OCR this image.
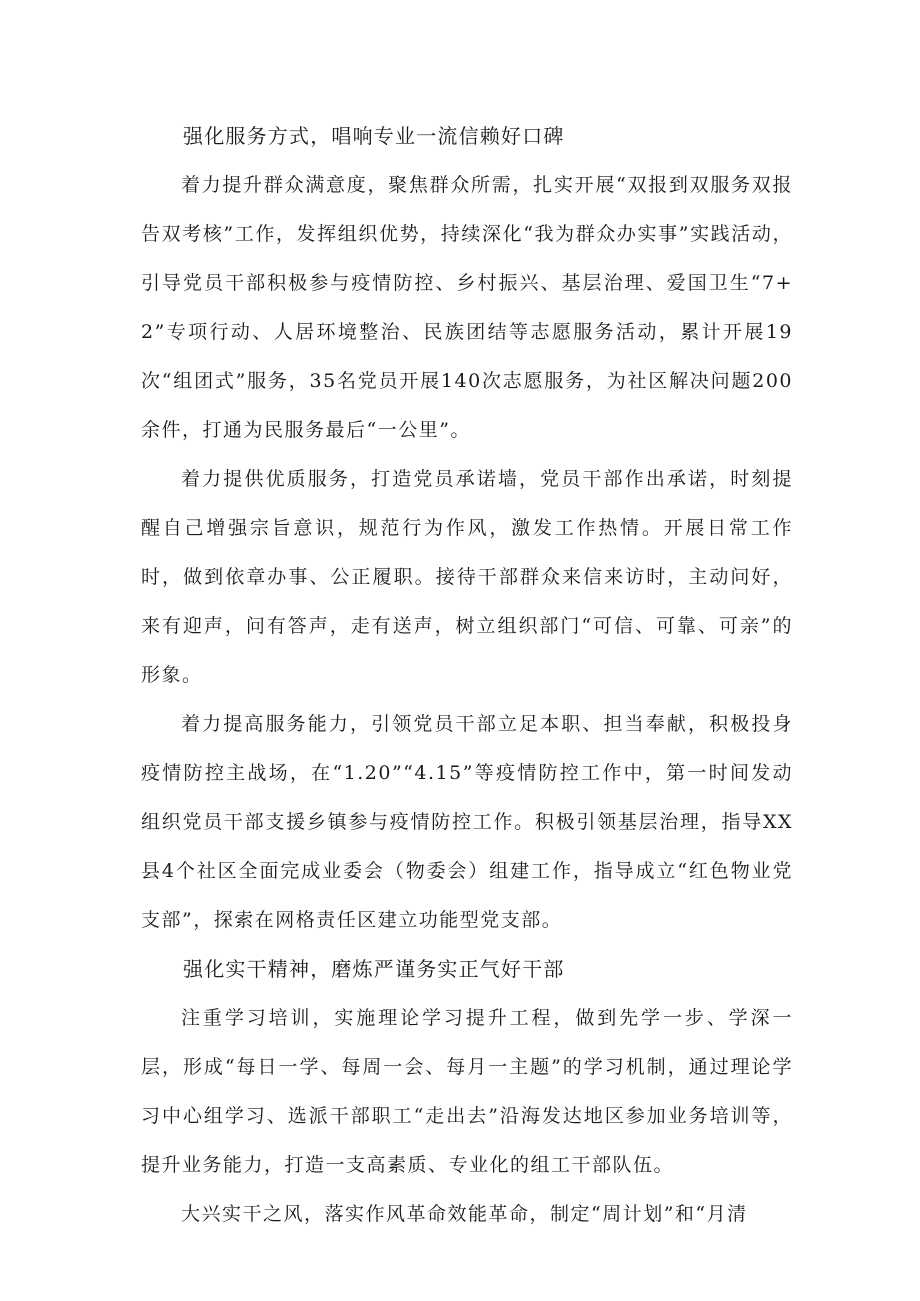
强化服务方式，唱响专业一流信赖好口碑

着力提升群众满意度，聚焦群众所需，扎实开展“双报到双服务双报告双考核”工作，发挥组织优势，持续深化“我为群众办实事”实践活动，引导党员干部积极参与疫情防控、乡村振兴、基层治理、爱国卫生“7+2”专项行动、人居环境整治、民族团结等志愿服务活动，累计开展19次“组团式”服务，35名党员开展140次志愿服务，为社区解决问题200余件，打通为民服务最后“一公里”。

着力提供优质服务，打造党员承诺墙，党员干部作出承诺，时刻提醒自己增强宗旨意识，规范行为作风，激发工作热情。开展日常工作时，做到依章办事、公正履职。接待干部群众来信来访时，主动问好，来有迎声，问有答声，走有送声，树立组织部门“可信、可靠、可亲”的形象。

着力提高服务能力，引领党员干部立足本职、担当奉献，积极投身疫情防控主战场，在“1.20”“4.15”等疫情防控工作中，第一时间发动组织党员干部支援乡镇参与疫情防控工作。积极引领基层治理，指导XX县4个社区全面完成业委会（物委会）组建工作，指导成立“红色物业党支部”，探索在网格责任区建立功能型党支部。

强化实干精神，磨炼严谨务实正气好干部

注重学习培训，实施理论学习提升工程，做到先学一步、学深一层，形成“每日一学、每周一会、每月一主题”的学习机制，通过理论学习中心组学习、选派干部职工“走出去”沿海发达地区参加业务培训等，提升业务能力，打造一支高素质、专业化的组工干部队伍。

大兴实干之风，落实作风革命效能革命，制定“周计划”和“月清
